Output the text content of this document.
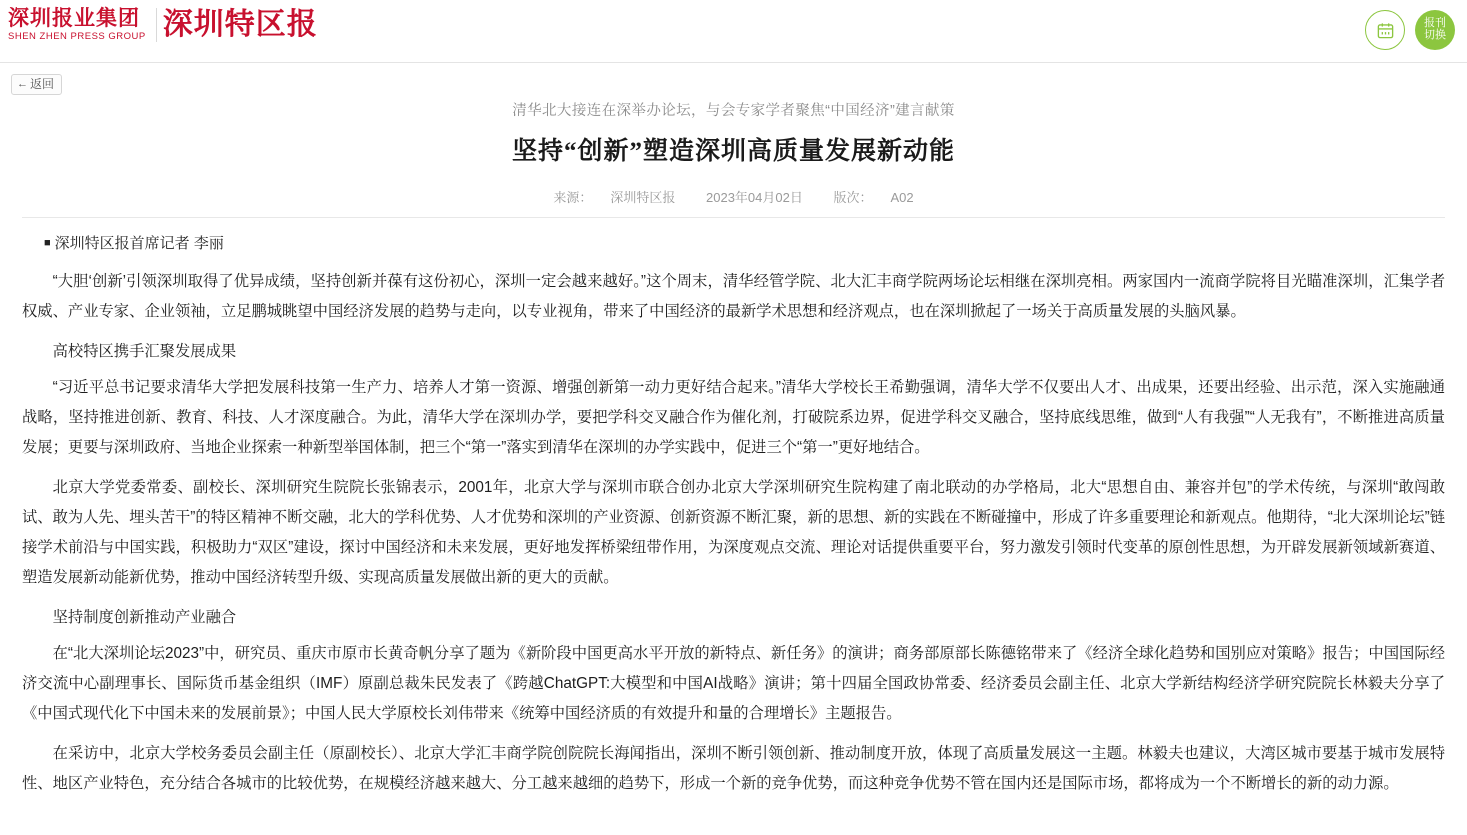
深圳报业集团
SHEN ZHEN PRESS GROUP 深圳特区报	报刊
切换
← 返回
清华北大接连在深举办论坛，与会专家学者聚焦“中国经济”建言献策
坚持“创新”塑造深圳高质量发展新动能
来源： 深圳特区报 2023年04月02日 版次： A02
■ 深圳特区报首席记者 李丽

“大胆‘创新’引领深圳取得了优异成绩，坚持创新并葆有这份初心，深圳一定会越来越好。”这个周末，清华经管学院、北大汇丰商学院两场论坛相继在深圳亮相。两家国内一流商学院将目光瞄准深圳，汇集学者权威、产业专家、企业领袖，立足鹏城眺望中国经济发展的趋势与走向，以专业视角，带来了中国经济的最新学术思想和经济观点，也在深圳掀起了一场关于高质量发展的头脑风暴。

高校特区携手汇聚发展成果

“习近平总书记要求清华大学把发展科技第一生产力、培养人才第一资源、增强创新第一动力更好结合起来。”清华大学校长王希勤强调，清华大学不仅要出人才、出成果，还要出经验、出示范，深入实施融通战略，坚持推进创新、教育、科技、人才深度融合。为此，清华大学在深圳办学，要把学科交叉融合作为催化剂，打破院系边界，促进学科交叉融合，坚持底线思维，做到“人有我强”“人无我有”，不断推进高质量发展；更要与深圳政府、当地企业探索一种新型举国体制，把三个“第一”落实到清华在深圳的办学实践中，促进三个“第一”更好地结合。

北京大学党委常委、副校长、深圳研究生院院长张锦表示，2001年，北京大学与深圳市联合创办北京大学深圳研究生院构建了南北联动的办学格局，北大“思想自由、兼容并包”的学术传统，与深圳“敢闯敢试、敢为人先、埋头苦干”的特区精神不断交融，北大的学科优势、人才优势和深圳的产业资源、创新资源不断汇聚，新的思想、新的实践在不断碰撞中，形成了许多重要理论和新观点。他期待，“北大深圳论坛”链接学术前沿与中国实践，积极助力“双区”建设，探讨中国经济和未来发展，更好地发挥桥梁纽带作用，为深度观点交流、理论对话提供重要平台，努力激发引领时代变革的原创性思想，为开辟发展新领域新赛道、塑造发展新动能新优势，推动中国经济转型升级、实现高质量发展做出新的更大的贡献。

坚持制度创新推动产业融合

在“北大深圳论坛2023”中，研究员、重庆市原市长黄奇帆分享了题为《新阶段中国更高水平开放的新特点、新任务》的演讲；商务部原部长陈德铭带来了《经济全球化趋势和国别应对策略》报告；中国国际经济交流中心副理事长、国际货币基金组织（IMF）原副总裁朱民发表了《跨越ChatGPT:大模型和中国AI战略》演讲；第十四届全国政协常委、经济委员会副主任、北京大学新结构经济学研究院院长林毅夫分享了《中国式现代化下中国未来的发展前景》；中国人民大学原校长刘伟带来《统筹中国经济质的有效提升和量的合理增长》主题报告。

在采访中，北京大学校务委员会副主任（原副校长）、北京大学汇丰商学院创院院长海闻指出，深圳不断引领创新、推动制度开放，体现了高质量发展这一主题。林毅夫也建议，大湾区城市要基于城市发展特性、地区产业特色，充分结合各城市的比较优势，在规模经济越来越大、分工越来越细的趋势下，形成一个新的竞争优势，而这种竞争优势不管在国内还是国际市场，都将成为一个不断增长的新的动力源。
